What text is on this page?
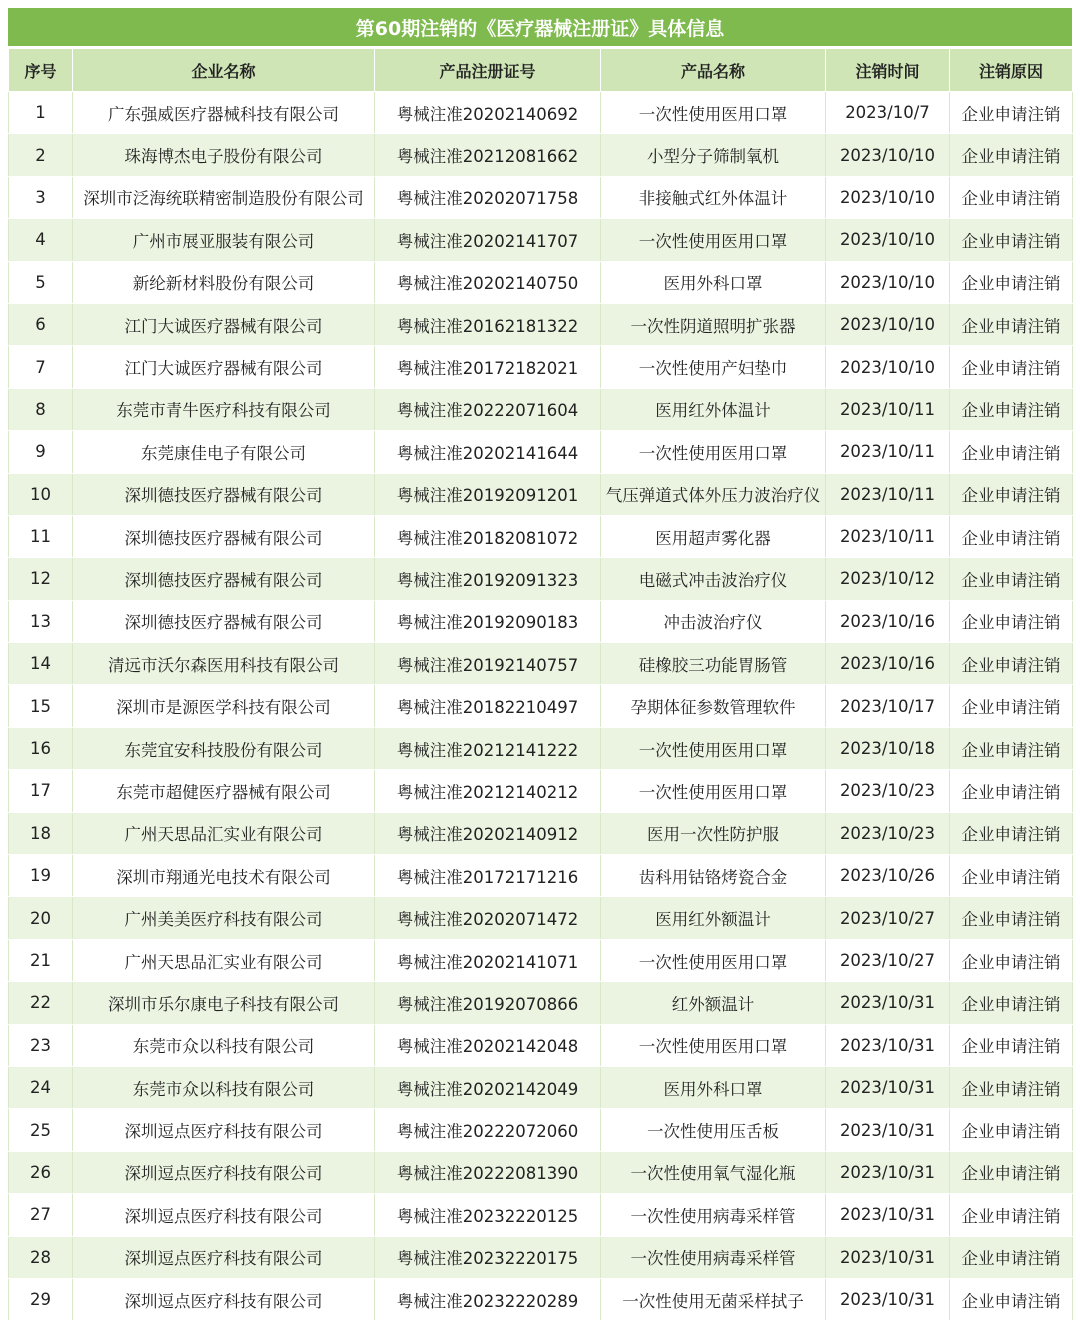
第60期注销的《医疗器械注册证》具体信息
序号	企业名称	产品注册证号	产品名称	注销时间	注销原因
1	广东强威医疗器械科技有限公司	粤械注准20202140692	一次性使用医用口罩	2023/10/7	企业申请注销
2	珠海博杰电子股份有限公司	粤械注准20212081662	小型分子筛制氧机	2023/10/10	企业申请注销
3	深圳市泛海统联精密制造股份有限公司	粤械注准20202071758	非接触式红外体温计	2023/10/10	企业申请注销
4	广州市展亚服装有限公司	粤械注准20202141707	一次性使用医用口罩	2023/10/10	企业申请注销
5	新纶新材料股份有限公司	粤械注准20202140750	医用外科口罩	2023/10/10	企业申请注销
6	江门大诚医疗器械有限公司	粤械注准20162181322	一次性阴道照明扩张器	2023/10/10	企业申请注销
7	江门大诚医疗器械有限公司	粤械注准20172182021	一次性使用产妇垫巾	2023/10/10	企业申请注销
8	东莞市青牛医疗科技有限公司	粤械注准20222071604	医用红外体温计	2023/10/11	企业申请注销
9	东莞康佳电子有限公司	粤械注准20202141644	一次性使用医用口罩	2023/10/11	企业申请注销
10	深圳德技医疗器械有限公司	粤械注准20192091201	气压弹道式体外压力波治疗仪	2023/10/11	企业申请注销
11	深圳德技医疗器械有限公司	粤械注准20182081072	医用超声雾化器	2023/10/11	企业申请注销
12	深圳德技医疗器械有限公司	粤械注准20192091323	电磁式冲击波治疗仪	2023/10/12	企业申请注销
13	深圳德技医疗器械有限公司	粤械注准20192090183	冲击波治疗仪	2023/10/16	企业申请注销
14	清远市沃尔森医用科技有限公司	粤械注准20192140757	硅橡胶三功能胃肠管	2023/10/16	企业申请注销
15	深圳市是源医学科技有限公司	粤械注准20182210497	孕期体征参数管理软件	2023/10/17	企业申请注销
16	东莞宜安科技股份有限公司	粤械注准20212141222	一次性使用医用口罩	2023/10/18	企业申请注销
17	东莞市超健医疗器械有限公司	粤械注准20212140212	一次性使用医用口罩	2023/10/23	企业申请注销
18	广州天思品汇实业有限公司	粤械注准20202140912	医用一次性防护服	2023/10/23	企业申请注销
19	深圳市翔通光电技术有限公司	粤械注准20172171216	齿科用钴铬烤瓷合金	2023/10/26	企业申请注销
20	广州美美医疗科技有限公司	粤械注准20202071472	医用红外额温计	2023/10/27	企业申请注销
21	广州天思品汇实业有限公司	粤械注准20202141071	一次性使用医用口罩	2023/10/27	企业申请注销
22	深圳市乐尔康电子科技有限公司	粤械注准20192070866	红外额温计	2023/10/31	企业申请注销
23	东莞市众以科技有限公司	粤械注准20202142048	一次性使用医用口罩	2023/10/31	企业申请注销
24	东莞市众以科技有限公司	粤械注准20202142049	医用外科口罩	2023/10/31	企业申请注销
25	深圳逗点医疗科技有限公司	粤械注准20222072060	一次性使用压舌板	2023/10/31	企业申请注销
26	深圳逗点医疗科技有限公司	粤械注准20222081390	一次性使用氧气湿化瓶	2023/10/31	企业申请注销
27	深圳逗点医疗科技有限公司	粤械注准20232220125	一次性使用病毒采样管	2023/10/31	企业申请注销
28	深圳逗点医疗科技有限公司	粤械注准20232220175	一次性使用病毒采样管	2023/10/31	企业申请注销
29	深圳逗点医疗科技有限公司	粤械注准20232220289	一次性使用无菌采样拭子	2023/10/31	企业申请注销
